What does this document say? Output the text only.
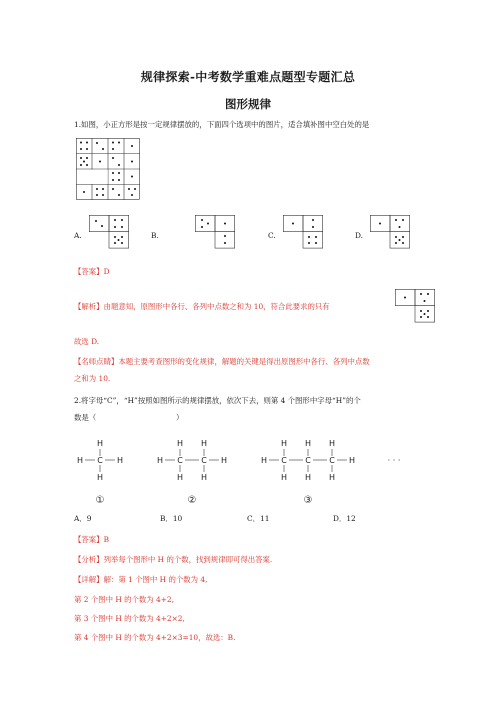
规律探索-中考数学重难点题型专题汇总
图形规律
1.如图，小正方形是按一定规律摆放的，下面四个选项中的图片，适合填补图中空白处的是
A.	B.	C.	D.
【答案】D
【解析】由题意知，原图形中各行、各列中点数之和为 10，符合此要求的只有
故选 D.
【名师点睛】本题主要考查图形的变化规律，解题的关键是得出原图形中各行、各列中点数
之和为 10.
2.将字母“C”，“H”按照如图所示的规律摆放，依次下去，则第 4 个图形中字母“H”的个
数是（	）
H
H C H
H
①
H H
H C C H
H H
②
H H H
H C C C H
H H H
③
· · ·
A．9	B．10	C．11	D．12
【答案】B
【分析】列举每个图形中 H 的个数，找到规律即可得出答案.
【详解】解：第 1 个图中 H 的个数为 4,
第 2 个图中 H 的个数为 4+2,
第 3 个图中 H 的个数为 4+2×2,
第 4 个图中 H 的个数为 4+2×3=10，故选：B.
